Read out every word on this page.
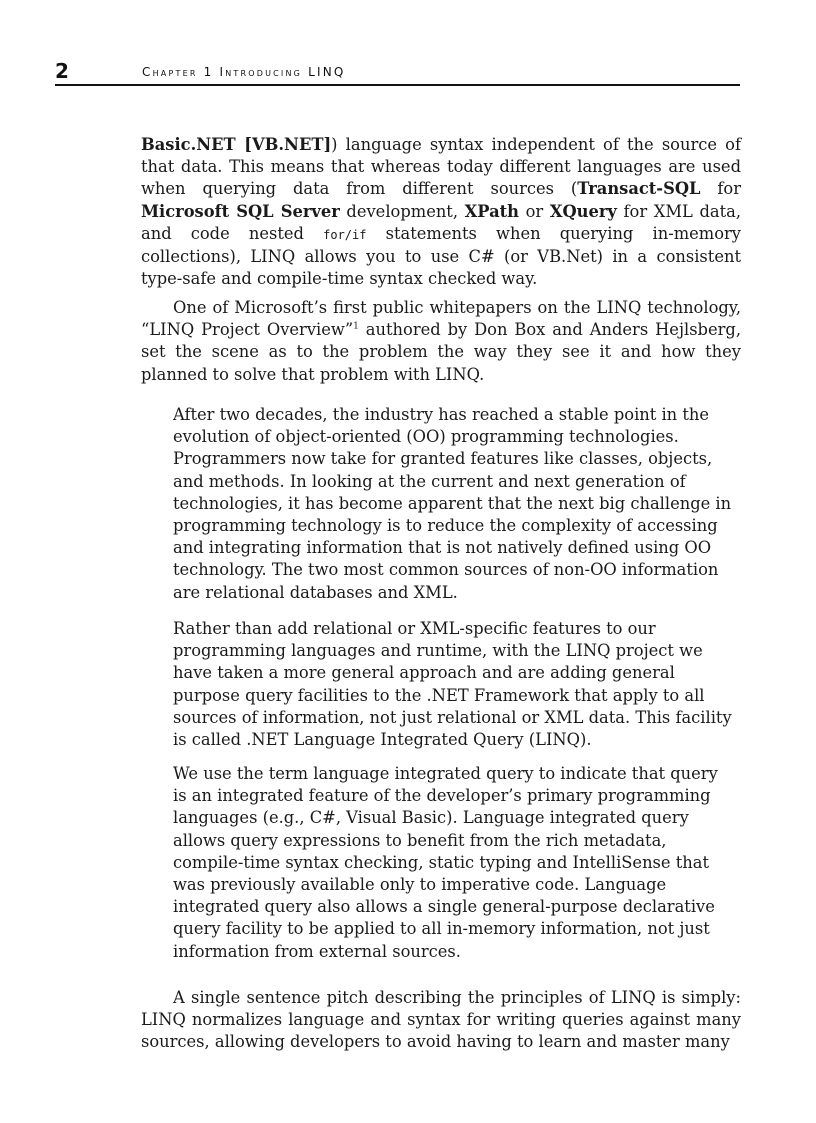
2	Chapter 1 Introducing LINQ
Basic.NET [VB.NET]) language syntax independent of the source of that data. This means that whereas today different languages are used when querying data from different sources (Transact-SQL for Microsoft SQL Server development, XPath or XQuery for XML data, and code nested for/if statements when querying in-memory collections), LINQ allows you to use C# (or VB.Net) in a consistent type-safe and compile-time syntax checked way.
One of Microsoft’s first public whitepapers on the LINQ technology, “LINQ Project Overview”$^1$ authored by Don Box and Anders Hejlsberg, set the scene as to the problem the way they see it and how they planned to solve that problem with LINQ.
After two decades, the industry has reached a stable point in the evolution of object-oriented (OO) programming technologies. Programmers now take for granted features like classes, objects, and methods. In looking at the current and next generation of technologies, it has become apparent that the next big challenge in programming technology is to reduce the complexity of accessing and integrating information that is not natively defined using OO technology. The two most common sources of non-OO information are relational databases and XML.
Rather than add relational or XML-specific features to our programming languages and runtime, with the LINQ project we have taken a more general approach and are adding general purpose query facilities to the .NET Framework that apply to all sources of information, not just relational or XML data. This facility is called .NET Language Integrated Query (LINQ).
We use the term language integrated query to indicate that query is an integrated feature of the developer’s primary programming languages (e.g., C#, Visual Basic). Language integrated query allows query expressions to benefit from the rich metadata, compile-time syntax checking, static typing and IntelliSense that was previously available only to imperative code. Language integrated query also allows a single general-purpose declarative query facility to be applied to all in-memory information, not just information from external sources.
A single sentence pitch describing the principles of LINQ is simply: LINQ normalizes language and syntax for writing queries against many sources, allowing developers to avoid having to learn and master many
